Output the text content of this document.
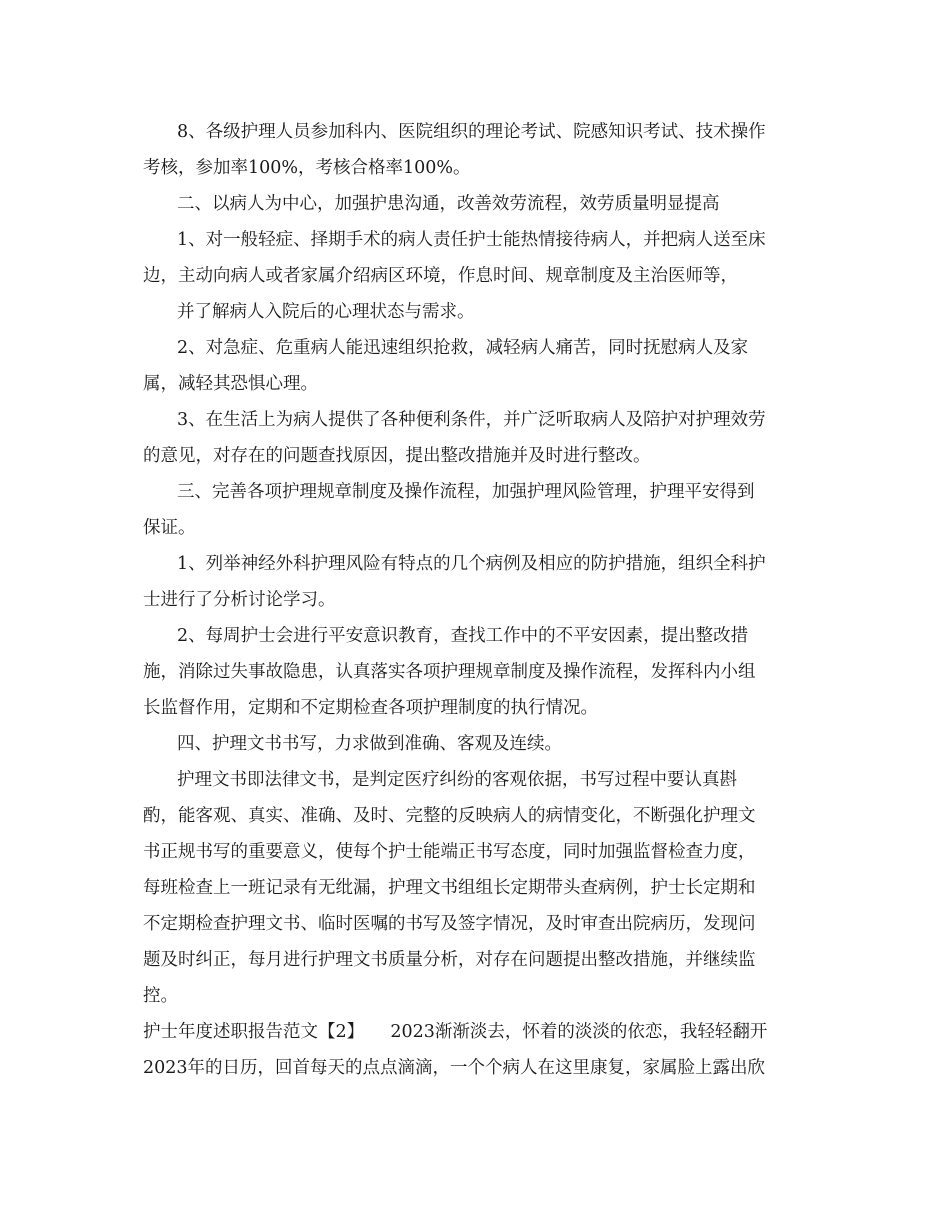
8、各级护理人员参加科内、医院组织的理论考试、院感知识考试、技术操作
考核，参加率100%，考核合格率100%。
二、以病人为中心，加强护患沟通，改善效劳流程，效劳质量明显提高
1、对一般轻症、择期手术的病人责任护士能热情接待病人，并把病人送至床
边，主动向病人或者家属介绍病区环境，作息时间、规章制度及主治医师等，
并了解病人入院后的心理状态与需求。
2、对急症、危重病人能迅速组织抢救，减轻病人痛苦，同时抚慰病人及家
属，减轻其恐惧心理。
3、在生活上为病人提供了各种便利条件，并广泛听取病人及陪护对护理效劳
的意见，对存在的问题查找原因，提出整改措施并及时进行整改。
三、完善各项护理规章制度及操作流程，加强护理风险管理，护理平安得到
保证。
1、列举神经外科护理风险有特点的几个病例及相应的防护措施，组织全科护
士进行了分析讨论学习。
2、每周护士会进行平安意识教育，查找工作中的不平安因素，提出整改措
施，消除过失事故隐患，认真落实各项护理规章制度及操作流程，发挥科内小组
长监督作用，定期和不定期检查各项护理制度的执行情况。
四、护理文书书写，力求做到准确、客观及连续。
护理文书即法律文书，是判定医疗纠纷的客观依据，书写过程中要认真斟
酌，能客观、真实、准确、及时、完整的反映病人的病情变化，不断强化护理文
书正规书写的重要意义，使每个护士能端正书写态度，同时加强监督检查力度，
每班检查上一班记录有无纰漏，护理文书组组长定期带头查病例，护士长定期和
不定期检查护理文书、临时医嘱的书写及签字情况，及时审查出院病历，发现问
题及时纠正，每月进行护理文书质量分析，对存在问题提出整改措施，并继续监
控。
护士年度述职报告范文【2】　　2023渐渐淡去，怀着的淡淡的依恋，我轻轻翻开
2023年的日历，回首每天的点点滴滴，一个个病人在这里康复，家属脸上露出欣
